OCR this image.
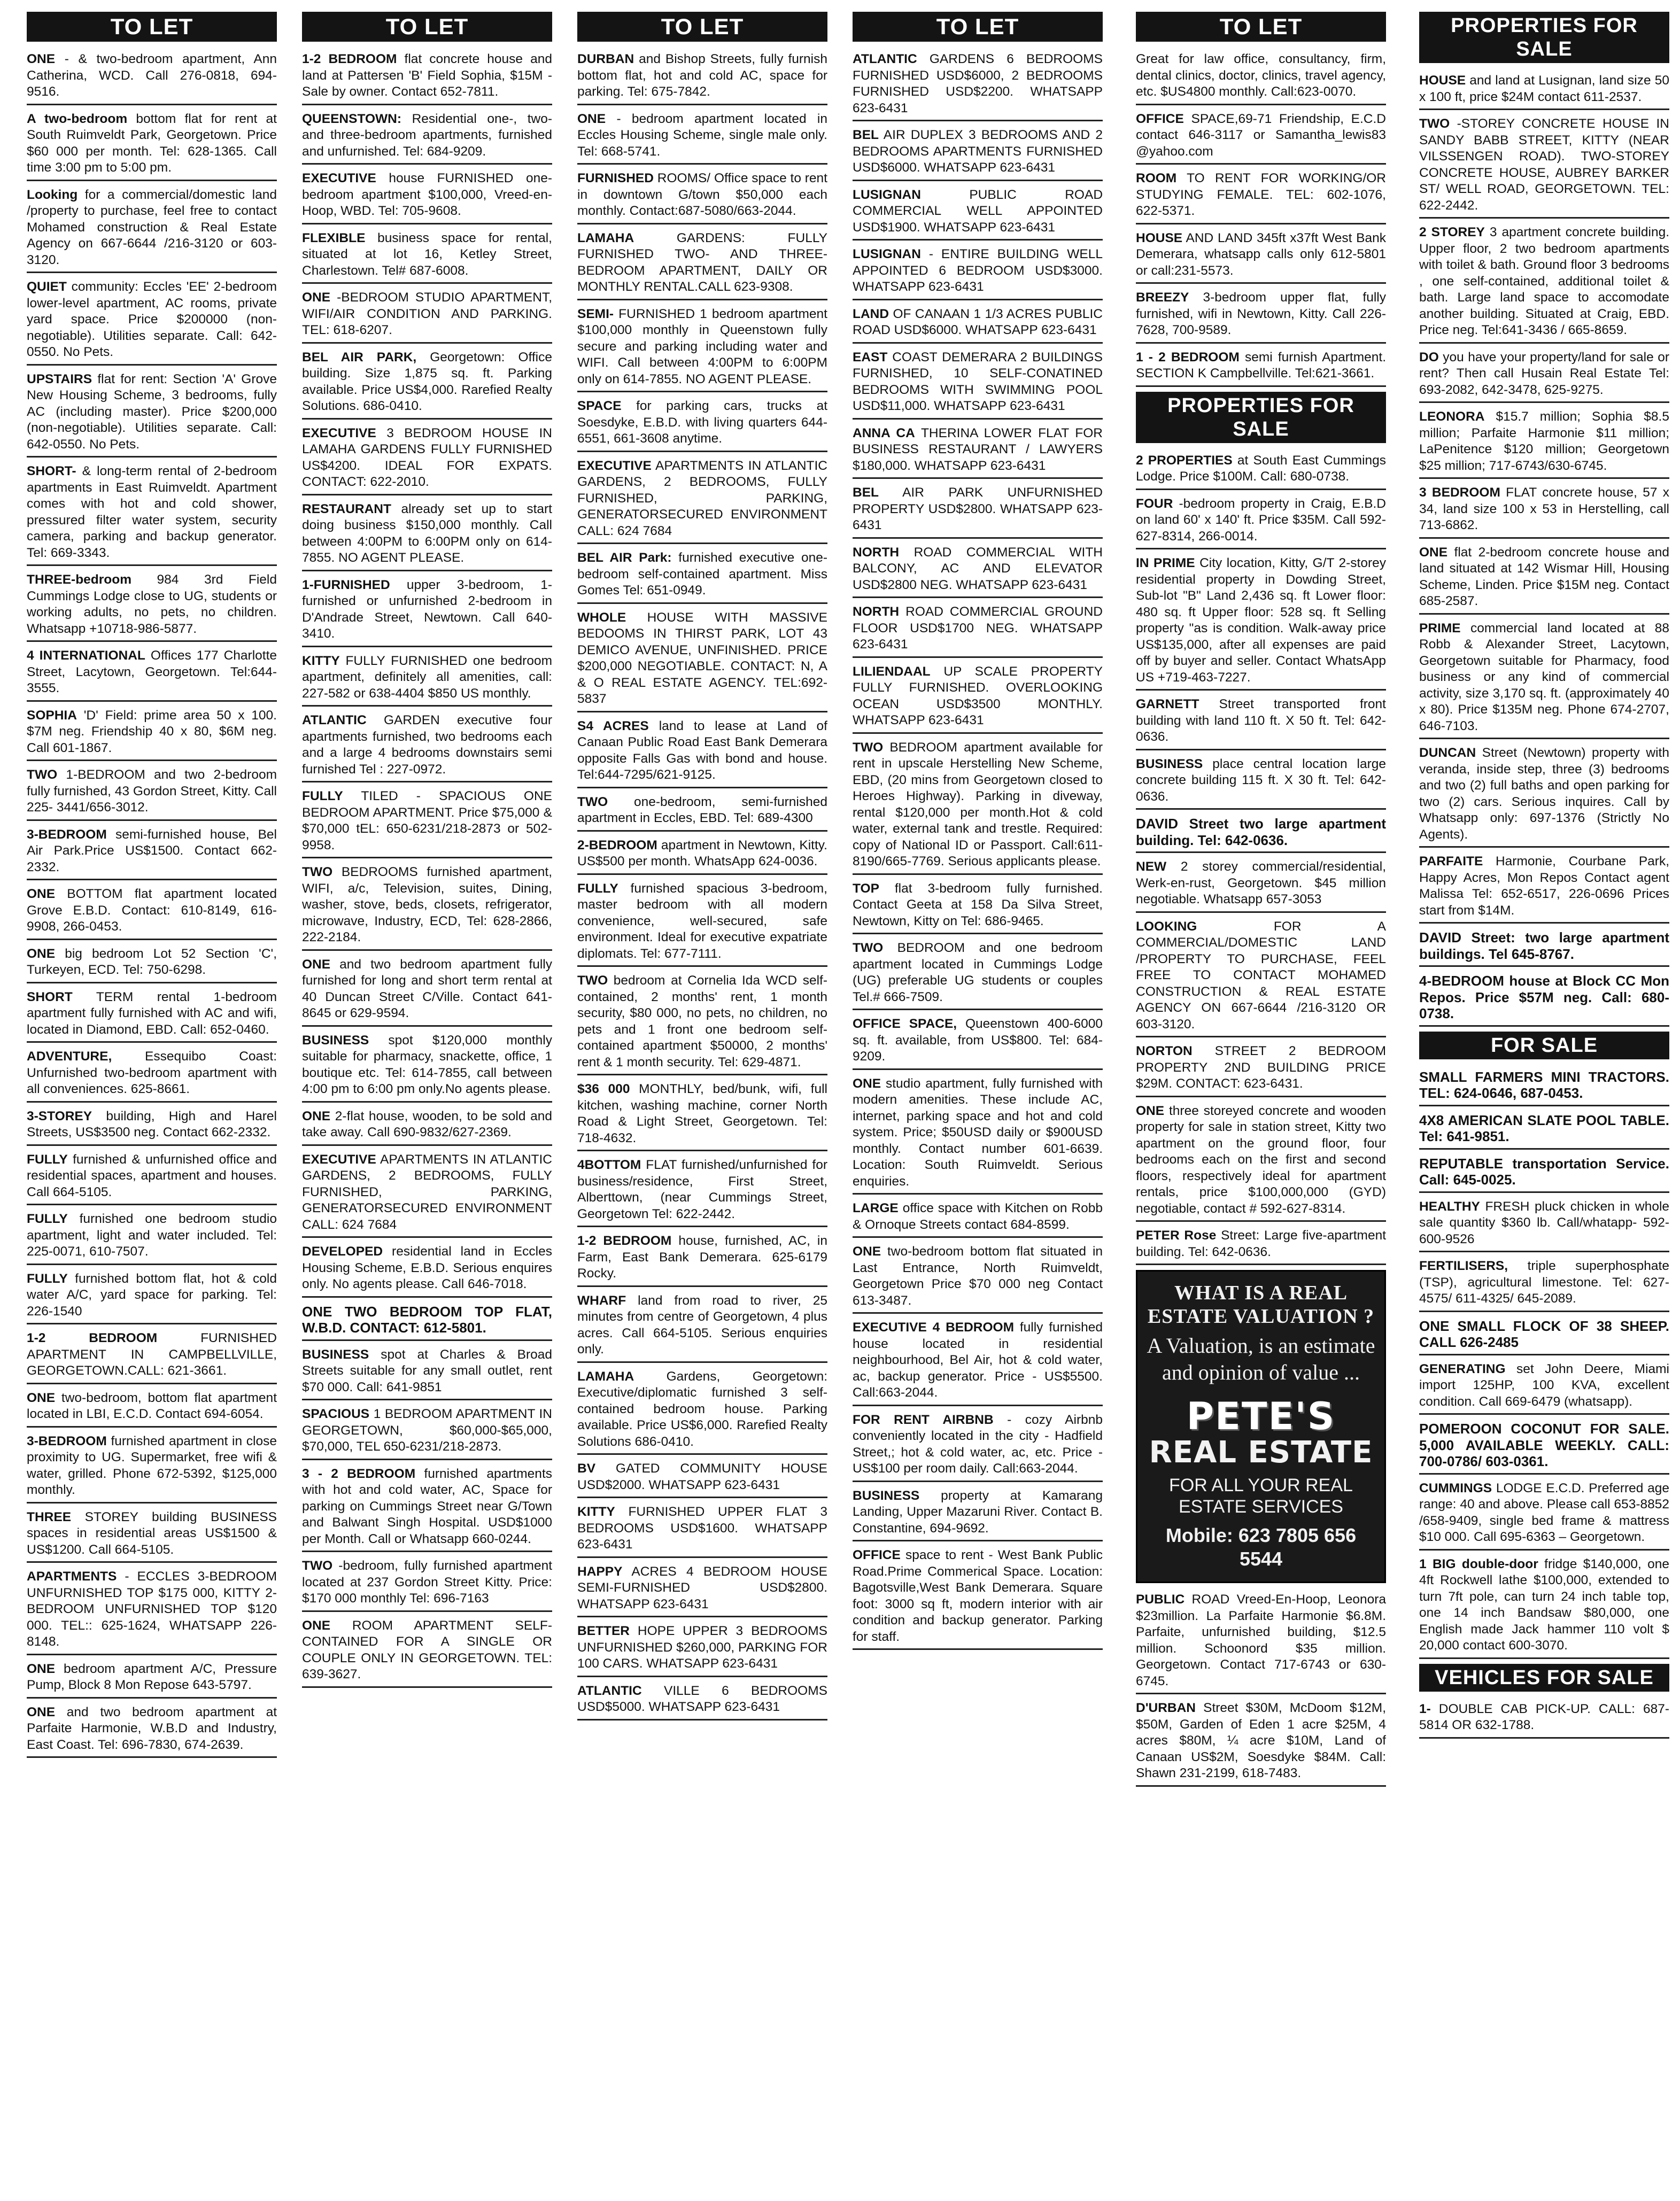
TO LET
ONE - & two-bedroom apartment, Ann Catherina, WCD. Call 276-0818, 694-9516.
A two-bedroom bottom flat for rent at South Ruimveldt Park, Georgetown. Price $60 000 per month. Tel: 628-1365. Call time 3:00 pm to 5:00 pm.
Looking for a commercial/domestic land /property to purchase, feel free to contact Mohamed construction & Real Estate Agency on 667-6644 /216-3120 or 603-3120.
QUIET community: Eccles 'EE' 2-bedroom lower-level apartment, AC rooms, private yard space. Price $200000 (non-negotiable). Utilities separate. Call: 642-0550. No Pets.
UPSTAIRS flat for rent: Section 'A' Grove New Housing Scheme, 3 bedrooms, fully AC (including master). Price $200,000 (non-negotiable). Utilities separate. Call: 642-0550. No Pets.
SHORT- & long-term rental of 2-bedroom apartments in East Ruimveldt. Apartment comes with hot and cold shower, pressured filter water system, security camera, parking and backup generator. Tel: 669-3343.
THREE-bedroom 984 3rd Field Cummings Lodge close to UG, students or working adults, no pets, no children. Whatsapp +10718-986-5877.
4 INTERNATIONAL Offices 177 Charlotte Street, Lacytown, Georgetown. Tel:644-3555.
SOPHIA 'D' Field: prime area 50 x 100. $7M neg. Friendship 40 x 80, $6M neg. Call 601-1867.
TWO 1-BEDROOM and two 2-bedroom fully furnished, 43 Gordon Street, Kitty. Call 225- 3441/656-3012.
3-BEDROOM semi-furnished house, Bel Air Park.Price US$1500. Contact 662-2332.
ONE BOTTOM flat apartment located Grove E.B.D. Contact: 610-8149, 616-9908, 266-0453.
ONE big bedroom Lot 52 Section 'C', Turkeyen, ECD. Tel: 750-6298.
SHORT TERM rental 1-bedroom apartment fully furnished with AC and wifi, located in Diamond, EBD. Call: 652-0460.
ADVENTURE,	Essequibo Coast: Unfurnished two-bedroom apartment with all conveniences. 625-8661.
3-STOREY building, High and Harel Streets, US$3500 neg. Contact 662-2332.
FULLY furnished & unfurnished office and residential spaces, apartment and houses. Call 664-5105.
FULLY furnished one bedroom studio apartment, light and water included. Tel: 225-0071, 610-7507.
FULLY furnished bottom flat, hot & cold water A/C, yard space for parking. Tel: 226-1540
1-2 BEDROOM	FURNISHED APARTMENT IN CAMPBELLVILLE, GEORGETOWN.CALL: 621-3661.
ONE two-bedroom, bottom flat apartment located in LBI, E.C.D. Contact 694-6054.
3-BEDROOM furnished apartment in close proximity to UG. Supermarket, free wifi & water, grilled. Phone 672-5392, $125,000 monthly.
THREE STOREY building BUSINESS spaces in residential areas US$1500 & US$1200. Call 664-5105.
APARTMENTS - ECCLES 3-BEDROOM UNFURNISHED TOP $175 000, KITTY 2-BEDROOM UNFURNISHED TOP $120 000. TEL:: 625-1624, WHATSAPP 226-8148.
ONE bedroom apartment A/C, Pressure Pump, Block 8 Mon Repose 643-5797.
ONE and two bedroom apartment at Parfaite Harmonie, W.B.D and Industry, East Coast. Tel: 696-7830, 674-2639.
TO LET
1-2 BEDROOM flat concrete house and land at Pattersen 'B' Field Sophia, $15M - Sale by owner. Contact 652-7811.
QUEENSTOWN: Residential one-, two- and three-bedroom apartments, furnished and unfurnished. Tel: 684-9209.
EXECUTIVE house FURNISHED one-bedroom apartment $100,000, Vreed-en-Hoop, WBD. Tel: 705-9608.
FLEXIBLE business space for rental, situated at lot 16, Ketley Street, Charlestown. Tel# 687-6008.
ONE -BEDROOM STUDIO APARTMENT, WIFI/AIR CONDITION AND PARKING. TEL: 618-6207.
BEL AIR PARK, Georgetown: Office building. Size 1,875 sq. ft. Parking available. Price US$4,000. Rarefied Realty Solutions. 686-0410.
EXECUTIVE 3 BEDROOM HOUSE IN LAMAHA GARDENS FULLY FURNISHED US$4200. IDEAL FOR EXPATS. CONTACT: 622-2010.
RESTAURANT already set up to start doing business $150,000 monthly. Call between 4:00PM to 6:00PM only on 614-7855. NO AGENT PLEASE.
1-FURNISHED upper 3-bedroom, 1-furnished or unfurnished 2-bedroom in D'Andrade Street, Newtown. Call 640-3410.
KITTY FULLY FURNISHED one bedroom apartment, definitely all amenities, call: 227-582 or 638-4404 $850 US monthly.
ATLANTIC GARDEN executive four apartments furnished, two bedrooms each and a large 4 bedrooms downstairs semi furnished Tel : 227-0972.
FULLY TILED - SPACIOUS ONE BEDROOM APARTMENT. Price $75,000 & $70,000 tEL: 650-6231/218-2873 or 502-9958.
TWO BEDROOMS furnished apartment, WIFI, a/c, Television, suites, Dining, washer, stove, beds, closets, refrigerator, microwave, Industry, ECD, Tel: 628-2866, 222-2184.
ONE and two bedroom apartment fully furnished for long and short term rental at 40 Duncan Street C/Ville. Contact 641-8645 or 629-9594.
BUSINESS spot $120,000 monthly suitable for pharmacy, snackette, office, 1 boutique etc. Tel: 614-7855, call between 4:00 pm to 6:00 pm only.No agents please.
ONE 2-flat house, wooden, to be sold and take away. Call 690-9832/627-2369.
EXECUTIVE APARTMENTS IN ATLANTIC GARDENS, 2 BEDROOMS, FULLY FURNISHED, PARKING, GENERATORSECURED ENVIRONMENT CALL: 624 7684
DEVELOPED residential land in Eccles Housing Scheme, E.B.D. Serious enquires only. No agents please. Call 646-7018.
ONE TWO BEDROOM TOP FLAT, W.B.D. CONTACT: 612-5801.
BUSINESS spot at Charles & Broad Streets suitable for any small outlet, rent $70 000. Call: 641-9851
SPACIOUS 1 BEDROOM APARTMENT IN GEORGETOWN, $60,000-$65,000, $70,000, TEL 650-6231/218-2873.
3 - 2 BEDROOM furnished apartments with hot and cold water, AC, Space for parking on Cummings Street near G/Town and Balwant Singh Hospital. USD$1000 per Month. Call or Whatsapp 660-0244.
TWO -bedroom, fully furnished apartment located at 237 Gordon Street Kitty. Price: $170 000 monthly Tel: 696-7163
ONE ROOM APARTMENT SELF-CONTAINED FOR A SINGLE OR COUPLE ONLY IN GEORGETOWN. TEL: 639-3627.
TO LET
DURBAN and Bishop Streets, fully furnish bottom flat, hot and cold AC, space for parking. Tel: 675-7842.
ONE - bedroom apartment located in Eccles Housing Scheme, single male only. Tel: 668-5741.
FURNISHED ROOMS/ Office space to rent in downtown G/town $50,000 each monthly. Contact:687-5080/663-2044.
LAMAHA	GARDENS: FULLY FURNISHED TWO- AND THREE-BEDROOM APARTMENT, DAILY OR MONTHLY RENTAL.CALL 623-9308.
SEMI- FURNISHED 1 bedroom apartment $100,000 monthly in Queenstown fully secure and parking including water and WIFI. Call between 4:00PM to 6:00PM only on 614-7855. NO AGENT PLEASE.
SPACE for parking cars, trucks at Soesdyke, E.B.D. with living quarters 644-6551, 661-3608 anytime.
EXECUTIVE APARTMENTS IN ATLANTIC GARDENS, 2 BEDROOMS, FULLY FURNISHED, PARKING, GENERATORSECURED ENVIRONMENT CALL: 624 7684
BEL AIR Park: furnished executive one-bedroom self-contained apartment. Miss Gomes Tel: 651-0949.
WHOLE HOUSE WITH MASSIVE BEDOOMS IN THIRST PARK, LOT 43 DEMICO AVENUE, UNFINISHED. PRICE $200,000 NEGOTIABLE. CONTACT: N, A & O REAL ESTATE AGENCY. TEL:692-5837
S4 ACRES land to lease at Land of Canaan Public Road East Bank Demerara opposite Falls Gas with bond and house. Tel:644-7295/621-9125.
TWO one-bedroom, semi-furnished apartment in Eccles, EBD. Tel: 689-4300
2-BEDROOM apartment in Newtown, Kitty. US$500 per month. WhatsApp 624-0036.
FULLY furnished spacious 3-bedroom, master bedroom with all modern convenience, well-secured, safe environment. Ideal for executive expatriate diplomats. Tel: 677-7111.
TWO bedroom at Cornelia Ida WCD self-contained, 2 months' rent, 1 month security, $80 000, no pets, no children, no pets and 1 front one bedroom self-contained apartment $50000, 2 months' rent & 1 month security. Tel: 629-4871.
$36 000 MONTHLY, bed/bunk, wifi, full kitchen, washing machine, corner North Road & Light Street, Georgetown. Tel: 718-4632.
4BOTTOM FLAT furnished/unfurnished for business/residence, First Street, Alberttown, (near Cummings Street, Georgetown Tel: 622-2442.
1-2 BEDROOM house, furnished, AC, in Farm, East Bank Demerara. 625-6179 Rocky.
WHARF land from road to river, 25 minutes from centre of Georgetown, 4 plus acres. Call 664-5105. Serious enquiries only.
LAMAHA Gardens, Georgetown: Executive/diplomatic furnished 3 self-contained bedroom house. Parking available. Price US$6,000. Rarefied Realty Solutions 686-0410.
BV GATED COMMUNITY HOUSE USD$2000. WHATSAPP 623-6431
KITTY FURNISHED UPPER FLAT 3 BEDROOMS USD$1600. WHATSAPP 623-6431
HAPPY ACRES 4 BEDROOM HOUSE SEMI-FURNISHED USD$2800. WHATSAPP 623-6431
BETTER HOPE UPPER 3 BEDROOMS UNFURNISHED $260,000, PARKING FOR 100 CARS. WHATSAPP 623-6431
ATLANTIC VILLE 6 BEDROOMS USD$5000. WHATSAPP 623-6431
TO LET
ATLANTIC GARDENS 6 BEDROOMS FURNISHED USD$6000, 2 BEDROOMS FURNISHED USD$2200. WHATSAPP 623-6431
BEL AIR DUPLEX 3 BEDROOMS AND 2 BEDROOMS APARTMENTS FURNISHED USD$6000. WHATSAPP 623-6431
LUSIGNAN	PUBLIC ROAD COMMERCIAL WELL APPOINTED USD$1900. WHATSAPP 623-6431
LUSIGNAN - ENTIRE BUILDING WELL APPOINTED 6 BEDROOM USD$3000. WHATSAPP 623-6431
LAND OF CANAAN 1 1/3 ACRES PUBLIC ROAD USD$6000. WHATSAPP 623-6431
EAST COAST DEMERARA 2 BUILDINGS FURNISHED, 10 SELF-CONATINED BEDROOMS WITH SWIMMING POOL USD$11,000. WHATSAPP 623-6431
ANNA CA THERINA LOWER FLAT FOR BUSINESS RESTAURANT / LAWYERS $180,000. WHATSAPP 623-6431
BEL AIR PARK UNFURNISHED PROPERTY USD$2800. WHATSAPP 623-6431
NORTH ROAD COMMERCIAL WITH BALCONY, AC AND ELEVATOR USD$2800 NEG. WHATSAPP 623-6431
NORTH ROAD COMMERCIAL GROUND FLOOR USD$1700 NEG. WHATSAPP 623-6431
LILIENDAAL UP SCALE PROPERTY FULLY FURNISHED. OVERLOOKING OCEAN USD$3500 MONTHLY. WHATSAPP 623-6431
TWO BEDROOM apartment available for rent in upscale Herstelling New Scheme, EBD, (20 mins from Georgetown closed to Heroes Highway). Parking in diveway, rental $120,000 per month.Hot & cold water, external tank and trestle. Required: copy of National ID or Passport. Call:611-8190/665-7769. Serious applicants please.
TOP flat 3-bedroom fully furnished. Contact Geeta at 158 Da Silva Street, Newtown, Kitty on Tel: 686-9465.
TWO BEDROOM and one bedroom apartment located in Cummings Lodge (UG) preferable UG students or couples Tel.# 666-7509.
OFFICE SPACE, Queenstown 400-6000 sq. ft. available, from US$800. Tel: 684-9209.
ONE studio apartment, fully furnished with modern amenities. These include AC, internet, parking space and hot and cold system. Price; $50USD daily or $900USD monthly. Contact number 601-6639. Location: South Ruimveldt. Serious enquiries.
LARGE office space with Kitchen on Robb & Ornoque Streets contact 684-8599.
ONE two-bedroom bottom flat situated in Last Entrance, North Ruimveldt, Georgetown Price $70 000 neg Contact 613-3487.
EXECUTIVE 4 BEDROOM fully furnished house located in residential neighbourhood, Bel Air, hot & cold water, ac, backup generator. Price - US$5500. Call:663-2044.
FOR RENT AIRBNB - cozy Airbnb conveniently located in the city - Hadfield Street,; hot & cold water, ac, etc. Price - US$100 per room daily. Call:663-2044.
BUSINESS property at Kamarang Landing, Upper Mazaruni River. Contact B. Constantine, 694-9692.
OFFICE space to rent - West Bank Public Road.Prime Commerical Space. Location: Bagotsville,West Bank Demerara. Square foot: 3000 sq ft, modern interior with air condition and backup generator. Parking for staff.
TO LET
Great for law office, consultancy, firm, dental clinics, doctor, clinics, travel agency, etc. $US4800 monthly. Call:623-0070.
OFFICE SPACE,69-71 Friendship, E.C.D contact 646-3117 or Samantha_lewis83 @yahoo.com
ROOM TO RENT FOR WORKING/OR STUDYING FEMALE. TEL: 602-1076, 622-5371.
HOUSE AND LAND 345ft x37ft West Bank Demerara, whatsapp calls only 612-5801 or call:231-5573.
BREEZY 3-bedroom upper flat, fully furnished, wifi in Newtown, Kitty. Call 226-7628, 700-9589.
1 - 2 BEDROOM semi furnish Apartment. SECTION K Campbellville. Tel:621-3661.
PROPERTIES FOR SALE
2 PROPERTIES at South East Cummings Lodge. Price $100M. Call: 680-0738.
FOUR -bedroom property in Craig, E.B.D on land 60' x 140' ft. Price $35M. Call 592-627-8314, 266-0014.
IN PRIME City location, Kitty, G/T 2-storey residential property in Dowding Street, Sub-lot "B" Land 2,436 sq. ft Lower floor: 480 sq. ft Upper floor: 528 sq. ft Selling property "as is condition. Walk-away price US$135,000, after all expenses are paid off by buyer and seller. Contact WhatsApp US +719-463-7227.
GARNETT Street transported front building with land 110 ft. X 50 ft. Tel: 642-0636.
BUSINESS place central location large concrete building 115 ft. X 30 ft. Tel: 642-0636.
DAVID Street two large apartment building. Tel: 642-0636.
NEW 2 storey commercial/residential, Werk-en-rust, Georgetown. $45 million negotiable. Whatsapp 657-3053
LOOKING	FOR A COMMERCIAL/DOMESTIC LAND /PROPERTY TO PURCHASE, FEEL FREE TO CONTACT MOHAMED CONSTRUCTION & REAL ESTATE AGENCY ON 667-6644 /216-3120 OR 603-3120.
NORTON STREET 2 BEDROOM PROPERTY 2ND BUILDING PRICE $29M. CONTACT: 623-6431.
ONE three storeyed concrete and wooden property for sale in station street, Kitty two apartment on the ground floor, four bedrooms each on the first and second floors, respectively ideal for apartment rentals, price $100,000,000 (GYD) negotiable, contact # 592-627-8314.
PETER Rose Street: Large five-apartment building. Tel: 642-0636.
WHAT IS A REAL ESTATE VALUATION ?
A Valuation, is an estimate and opinion of value ...
PETE'S
REAL ESTATE
FOR ALL YOUR REAL ESTATE SERVICES
Mobile: 623 7805 656 5544
PUBLIC ROAD Vreed-En-Hoop, Leonora $23million. La Parfaite Harmonie $6.8M. Parfaite, unfurnished building, $12.5 million. Schoonord $35 million. Georgetown. Contact 717-6743 or 630-6745.
D'URBAN Street $30M, McDoom $12M, $50M, Garden of Eden 1 acre $25M, 4 acres $80M, ¼ acre $10M, Land of Canaan US$2M, Soesdyke $84M. Call: Shawn 231-2199, 618-7483.
PROPERTIES FOR SALE
HOUSE and land at Lusignan, land size 50 x 100 ft, price $24M contact 611-2537.
TWO -STOREY CONCRETE HOUSE IN SANDY BABB STREET, KITTY (NEAR VILSSENGEN ROAD). TWO-STOREY CONCRETE HOUSE, AUBREY BARKER ST/ WELL ROAD, GEORGETOWN. TEL: 622-2442.
2 STOREY 3 apartment concrete building. Upper floor, 2 two bedroom apartments with toilet & bath. Ground floor 3 bedrooms , one self-contained, additional toilet & bath. Large land space to accomodate another building. Situated at Craig, EBD. Price neg. Tel:641-3436 / 665-8659.
DO you have your property/land for sale or rent? Then call Husain Real Estate Tel: 693-2082, 642-3478, 625-9275.
LEONORA $15.7 million; Sophia $8.5 million; Parfaite Harmonie $11 million; LaPenitence $120 million; Georgetown $25 million; 717-6743/630-6745.
3 BEDROOM FLAT concrete house, 57 x 34, land size 100 x 53 in Herstelling, call 713-6862.
ONE flat 2-bedroom concrete house and land situated at 142 Wismar Hill, Housing Scheme, Linden. Price $15M neg. Contact 685-2587.
PRIME commercial land located at 88 Robb & Alexander Street, Lacytown, Georgetown suitable for Pharmacy, food business or any kind of commercial activity, size 3,170 sq. ft. (approximately 40 x 80). Price $135M neg. Phone 674-2707, 646-7103.
DUNCAN Street (Newtown) property with veranda, inside step, three (3) bedrooms and two (2) full baths and open parking for two (2) cars. Serious inquires. Call by Whatsapp only: 697-1376 (Strictly No Agents).
PARFAITE Harmonie, Courbane Park, Happy Acres, Mon Repos Contact agent Malissa Tel: 652-6517, 226-0696 Prices start from $14M.
DAVID Street: two large apartment buildings. Tel 645-8767.
4-BEDROOM house at Block CC Mon Repos. Price $57M neg. Call: 680-0738.
FOR SALE
SMALL FARMERS MINI TRACTORS. TEL: 624-0646, 687-0453.
4X8 AMERICAN SLATE POOL TABLE. Tel: 641-9851.
REPUTABLE transportation Service. Call: 645-0025.
HEALTHY FRESH pluck chicken in whole sale quantity $360 lb. Call/whatapp- 592-600-9526
FERTILISERS, triple superphosphate (TSP), agricultural limestone. Tel: 627-4575/ 611-4325/ 645-2089.
ONE SMALL FLOCK OF 38 SHEEP. CALL 626-2485
GENERATING set John Deere, Miami import 125HP, 100 KVA, excellent condition. Call 669-6479 (whatsapp).
POMEROON COCONUT FOR SALE. 5,000 AVAILABLE WEEKLY. CALL: 700-0786/ 603-0361.
CUMMINGS LODGE E.C.D. Preferred age range: 40 and above. Please call 653-8852 /658-9409, single bed frame & mattress $10 000. Call 695-6363 – Georgetown.
1 BIG double-door fridge $140,000, one 4ft Rockwell lathe $100,000, extended to turn 7ft pole, can turn 24 inch table top, one 14 inch Bandsaw $80,000, one English made Jack hammer 110 volt $ 20,000 contact 600-3070.
VEHICLES FOR SALE
1- DOUBLE CAB PICK-UP. CALL: 687-5814 OR 632-1788.
